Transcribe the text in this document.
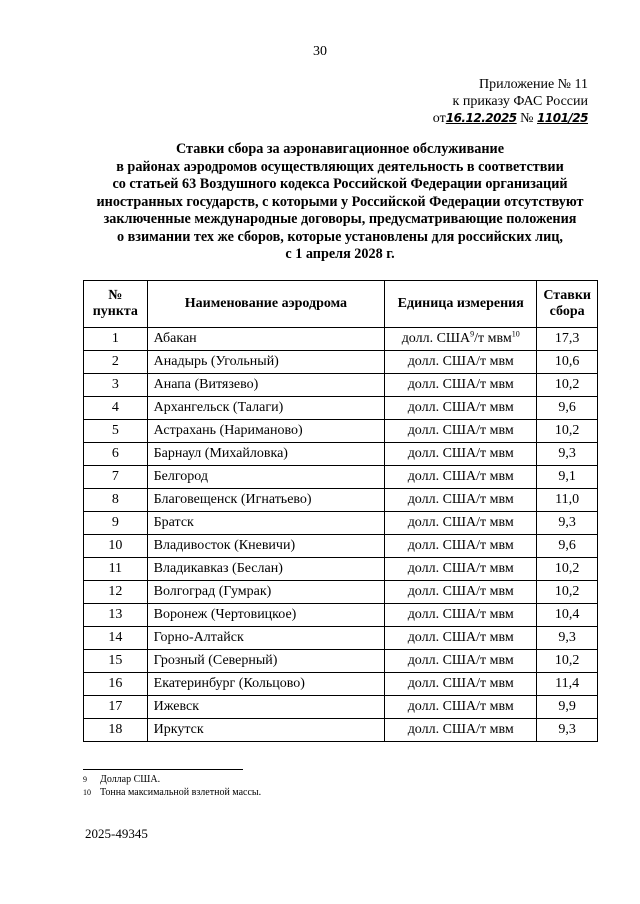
30
Приложение № 11
к приказу ФАС России
от16.12.2025 № 1101/25
Ставки сбора за аэронавигационное обслуживание
в районах аэродромов осуществляющих деятельность в соответствии
со статьей 63 Воздушного кодекса Российской Федерации организаций
иностранных государств, с которыми у Российской Федерации отсутствуют
заключенные международные договоры, предусматривающие положения
о взимании тех же сборов, которые установлены для российских лиц,
с 1 апреля 2028 г.
№ пункта	Наименование аэродрома	Единица измерения	Ставки сбора
1	Абакан	долл. США$^9$/т мвм$^{10}$	17,3
2	Анадырь (Угольный)	долл. США/т мвм	10,6
3	Анапа (Витязево)	долл. США/т мвм	10,2
4	Архангельск (Талаги)	долл. США/т мвм	9,6
5	Астрахань (Нариманово)	долл. США/т мвм	10,2
6	Барнаул (Михайловка)	долл. США/т мвм	9,3
7	Белгород	долл. США/т мвм	9,1
8	Благовещенск (Игнатьево)	долл. США/т мвм	11,0
9	Братск	долл. США/т мвм	9,3
10	Владивосток (Кневичи)	долл. США/т мвм	9,6
11	Владикавказ (Беслан)	долл. США/т мвм	10,2
12	Волгоград (Гумрак)	долл. США/т мвм	10,2
13	Воронеж (Чертовицкое)	долл. США/т мвм	10,4
14	Горно-Алтайск	долл. США/т мвм	9,3
15	Грозный (Северный)	долл. США/т мвм	10,2
16	Екатеринбург (Кольцово)	долл. США/т мвм	11,4
17	Ижевск	долл. США/т мвм	9,9
18	Иркутск	долл. США/т мвм	9,3
9	Доллар США.
10 Тонна максимальной взлетной массы.
2025-49345
